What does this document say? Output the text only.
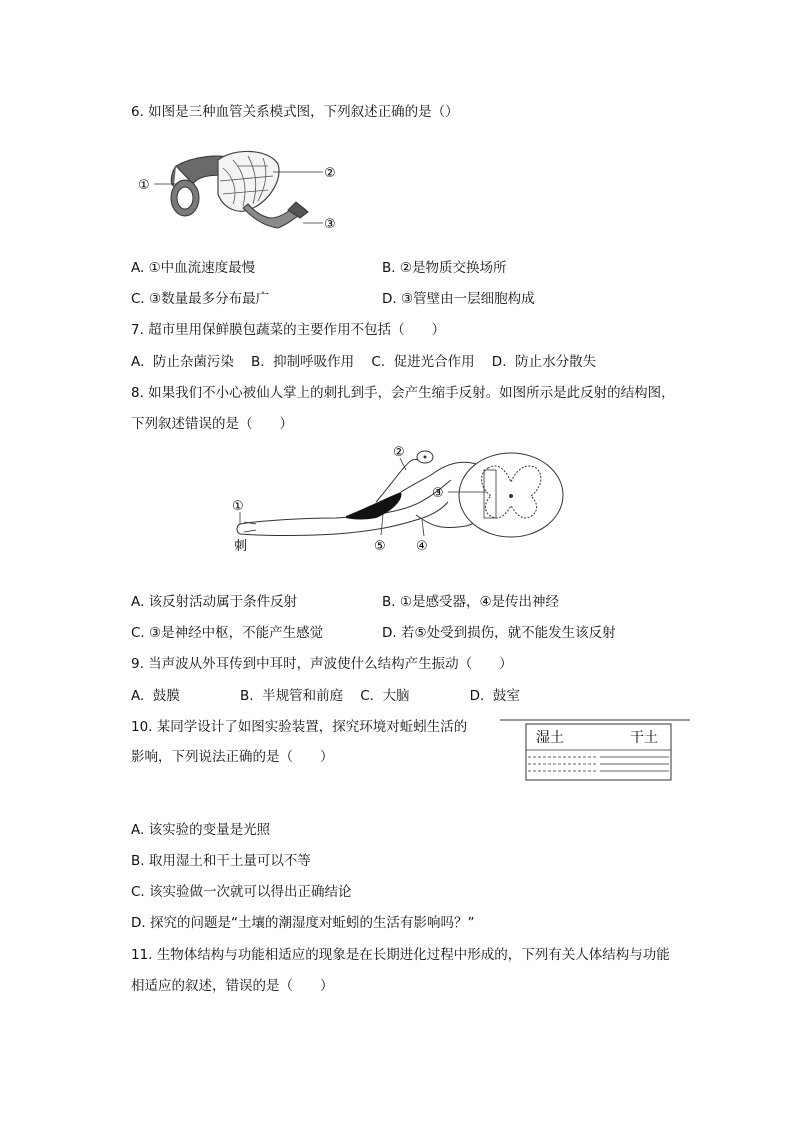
6. 如图是三种血管关系模式图，下列叙述正确的是（）
①
②
③
A. ①中血流速度最慢	B. ②是物质交换场所
C. ③数量最多分布最广	D. ③管壁由一层细胞构成
7. 超市里用保鲜膜包蔬菜的主要作用不包括（　　）
A.  防止杂菌污染    B.  抑制呼吸作用    C.  促进光合作用    D.  防止水分散失
8. 如果我们不小心被仙人掌上的刺扎到手，会产生缩手反射。如图所示是此反射的结构图，
下列叙述错误的是（　　）
①
②
③
④
⑤
刺
A. 该反射活动属于条件反射	B. ①是感受器，④是传出神经
C. ③是神经中枢，不能产生感觉	D. 若⑤处受到损伤，就不能发生该反射
9. 当声波从外耳传到中耳时，声波使什么结构产生振动（　　）
A.  鼓膜              B.  半规管和前庭    C.  大脑              D.  鼓室
10. 某同学设计了如图实验装置，探究环境对蚯蚓生活的
影响，下列说法正确的是（　　）
湿土	干土
A. 该实验的变量是光照
B. 取用湿土和干土量可以不等
C. 该实验做一次就可以得出正确结论
D. 探究的问题是“土壤的潮湿度对蚯蚓的生活有影响吗？”
11. 生物体结构与功能相适应的现象是在长期进化过程中形成的，下列有关人体结构与功能
相适应的叙述，错误的是（　　）
